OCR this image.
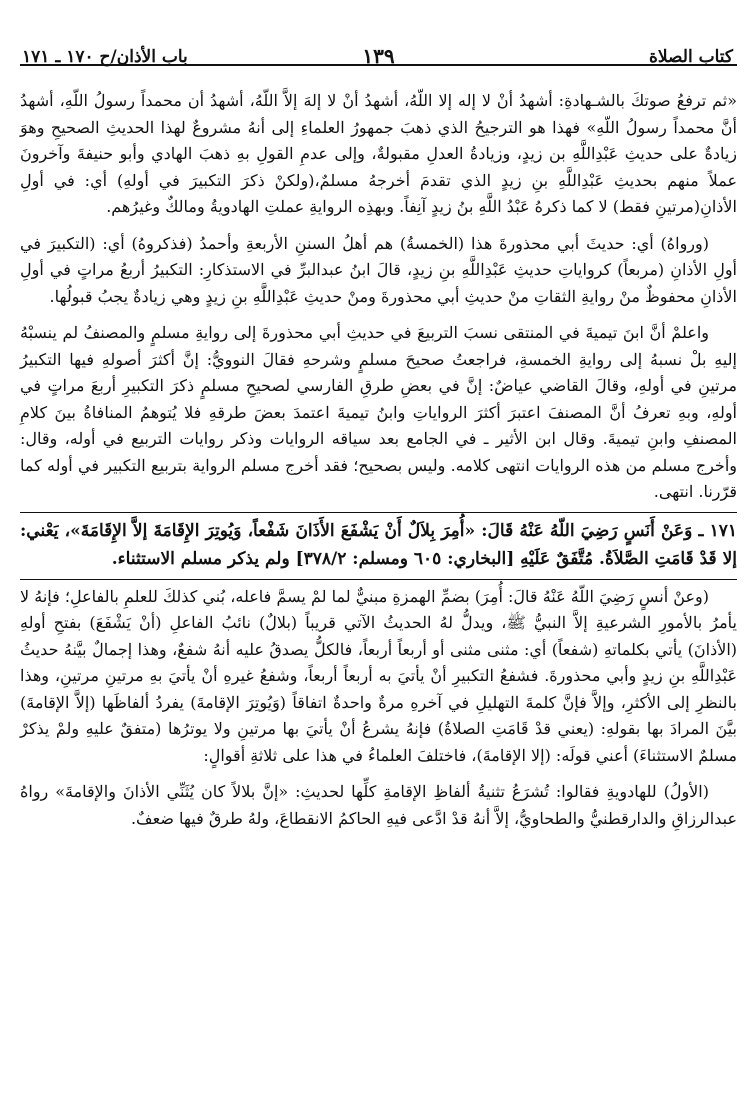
كتاب الصلاة
١٣٩
باب الأذان/ح ١٧٠ ـ ١٧١

«ثم ترفعُ صوتكَ بالشـهادةِ: أشهدُ أنْ لا إله إلا اللّهُ، أشهدُ أنْ لا إلهَ إلاَّ اللّهُ، أشهدُ أن محمداً رسولُ اللّهِ، أشهدُ أنَّ محمداً رسولُ اللّهِ» فهذا هو الترجيحُ الذي ذهبَ جمهورُ العلماءِ إلى أنهُ مشروعٌ لهذا الحديثِ الصحيحِ وهوَ زيادةٌ على حديثِ عَبْدِاللَّهِ بن زيدٍ، وزيادةُ العدلِ مقبولةٌ، وإلى عدمِ القولِ بهِ ذهبَ الهادي وأبو حنيفةَ وآخرونَ عملاً منهم بحديثِ عَبْدِاللَّهِ بنِ زيدٍ الذي تقدمَ أخرجهُ مسلمٌ،(ولكنْ ذكرَ التكبيرَ في أولهِ) أي: في أولِ الأذانِ(مرتينِ فقط) لا كما ذكرهُ عَبْدُ اللَّهِ بنُ زيدٍ آنِفاً. وبهذِه الروايةِ عملتِ الهادويةُ ومالكٌ وغيرُهم.

(ورواهُ) أي: حديثَ أبي محذورةَ هذا (الخمسةُ) هم أهلُ السننِ الأربعةِ وأحمدُ (فذكروهُ) أي: (التكبيرَ في أولِ الأذانِ (مربعاً) كرواياتِ حديثِ عَبْدِاللَّهِ بنِ زيدٍ، قالَ ابنُ عبدالبرِّ في الاستذكارِ: التكبيرُ أربعُ مراتٍ في أولِ الأذانِ محفوظٌ منْ روايةِ الثقاتِ منْ حديثِ أبي محذورةَ ومنْ حديثِ عَبْدِاللَّهِ بنِ زيدٍ وهي زيادةٌ يجبُ قبولُها.

واعلمْ أنَّ ابنَ تيميةَ في المنتقى نسبَ التربيعَ في حديثِ أبي محذورةَ إلى روايةِ مسلمٍ والمصنفُ لم ينسبْهُ إليهِ بلْ نسبهُ إلى روايةِ الخمسةِ، فراجعتُ صحيحَ مسلمٍ وشرحهِ فقالَ النوويُّ: إنَّ أكثرَ أصولهِ فيها التكبيرُ مرتينِ في أولهِ، وقالَ القاضي عياضٌ: إنَّ في بعضِ طرقِ الفارسي لصحيحِ مسلمٍ ذكرَ التكبيرِ أربعَ مراتٍ في أولهِ، وبهِ تعرفُ أنَّ المصنفَ اعتبرَ أكثرَ الرواياتِ وابنُ تيميةَ اعتمدَ بعضَ طرقهِ فلا يُتوهمُ المنافاةُ بينَ كلامِ المصنفِ وابنِ تيميةَ. وقال ابن الأثير ـ في الجامع بعد سياقه الروايات وذكر روايات التربيع في أوله، وقال: وأخرج مسلم من هذه الروايات انتهى كلامه. وليس بصحيح؛ فقد أخرج مسلم الرواية بتربيع التكبير في أوله كما قرّرنا. انتهى.

١٧١ ـ وَعَنْ أَنَسٍ رَضِيَ اللّهُ عَنْهُ قَالَ: «أُمِرَ بِلاَلٌ أَنْ يَشْفَعَ الأَذَانَ شَفْعاً، وَيُوتِرَ الإِقَامَةَ إلاَّ الإِقَامَةَ»، يَعْني: إلا قَدْ قَامَتِ الصَّلاَةُ. مُتَّفَقٌ عَلَيْهِ [البخاري: ٦٠٥ ومسلم: ٣٧٨/٢] ولم يذكر مسلم الاستثناء.

(وعنْ أنسٍ رَضِيَ اللّهُ عَنْهُ قالَ: أُمِرَ) بضمِّ الهمزةِ مبنيٌّ لما لمْ يسمَّ فاعله، بُني كذلكَ للعلمِ بالفاعلِ؛ فإنهُ لا يأمرُ بالأمورِ الشرعيةِ إلاَّ النبيُّ ﷺ، ويدلُّ لهُ الحديثُ الآتي قريباً (بلالٌ) نائبُ الفاعلِ (أنْ يَشْفَعَ) بفتحِ أولهِ (الأذانَ) يأتي بكلماتهِ (شفعاً) أي: مثنى مثنى أو أربعاً أربعاً، فالكلُّ يصدقُ عليه أنهُ شفعٌ، وهذا إجمالٌ بيَّنهُ حديثُ عَبْدِاللَّهِ بنِ زيدٍ وأبي محذورةَ. فشفعُ التكبيرِ أنْ يأتيَ به أربعاً أربعاً، وشفعُ غيرهِ أنْ يأتيَ بهِ مرتينِ مرتينِ، وهذا بالنظرِ إلى الأكثرِ، وإلاَّ فإنَّ كلمةَ التهليلِ في آخرهِ مرةٌ واحدةٌ اتفاقاً (وَيُوتِرَ الإقامةَ) يفردُ ألفاظَها (إلاَّ الإقامةَ) بيَّنَ المرادَ بها بقولهِ: (يعني قدْ قَامَتِ الصلاةُ) فإنهُ يشرعُ أنْ يأتيَ بها مرتينِ ولا يوترُها (متفقٌ عليهِ ولمْ يذكرْ مسلمٌ الاستثناءَ) أعني قولَه: (إلا الإقامةَ)، فاختلفَ العلماءُ في هذا على ثلاثةِ أقوالٍ:

(الأولُ) للهادويةِ فقالوا: تُشرَعُ تثنيةُ ألفاظِ الإقامةِ كلِّها لحديثِ: «إنَّ بلالاً كان يُثَنِّي الأذانَ والإقامةَ» رواهُ عبدالرزاقِ والدارقطنيُّ والطحاويُّ، إلاَّ أنهُ قدْ ادَّعى فيهِ الحاكمُ الانقطاعَ، ولهُ طرقٌ فيها ضعفٌ.
